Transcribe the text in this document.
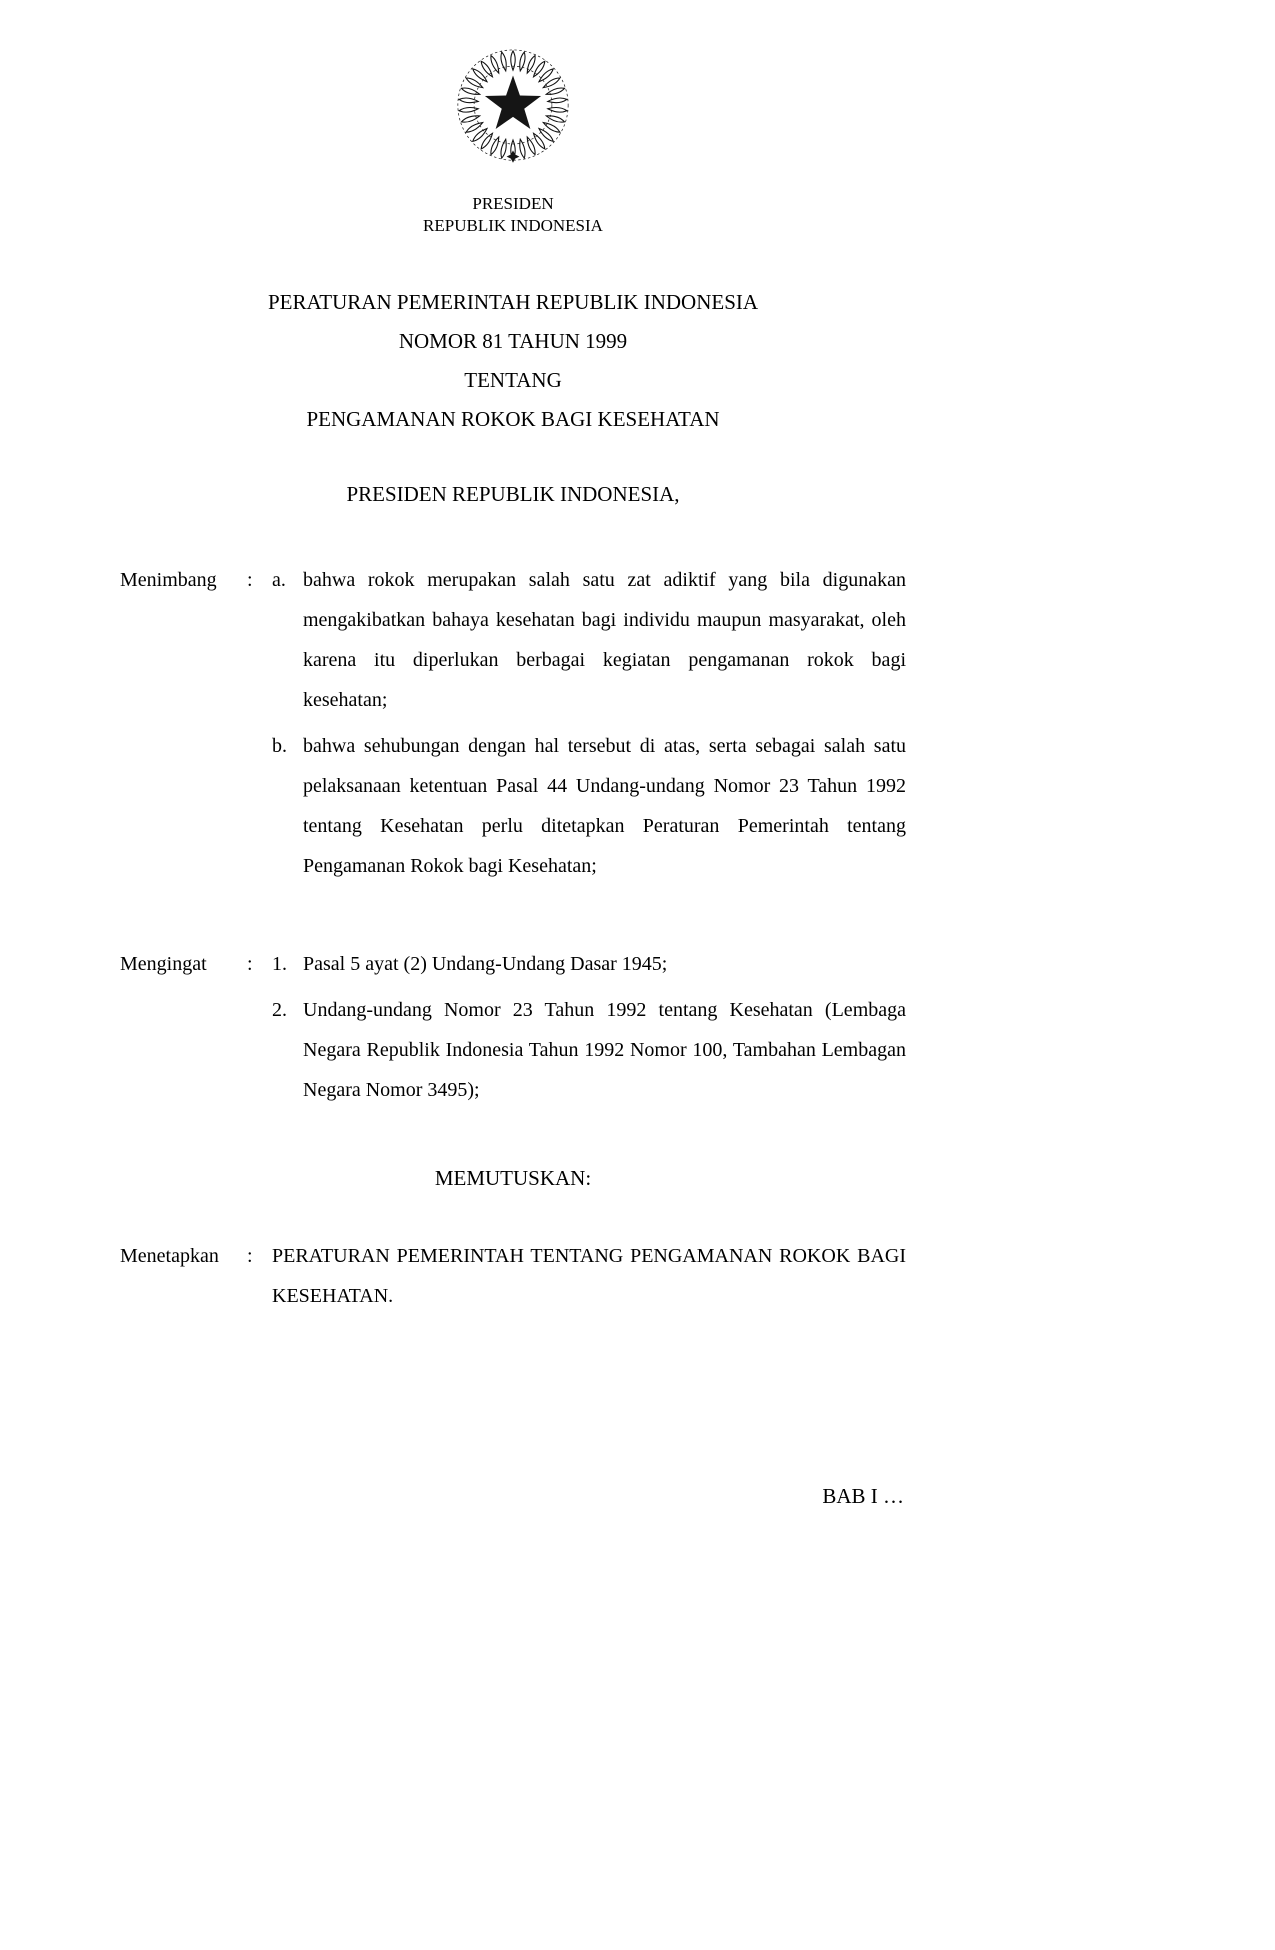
PRESIDEN
REPUBLIK INDONESIA
PERATURAN PEMERINTAH REPUBLIK INDONESIA
NOMOR 81 TAHUN 1999
TENTANG
PENGAMANAN ROKOK BAGI KESEHATAN
PRESIDEN REPUBLIK INDONESIA,
Menimbang	: a. bahwa rokok merupakan salah satu zat adiktif yang bila digunakan mengakibatkan bahaya kesehatan bagi individu maupun masyarakat, oleh karena itu diperlukan berbagai kegiatan pengamanan rokok bagi kesehatan;
b. bahwa sehubungan dengan hal tersebut di atas, serta sebagai salah satu pelaksanaan ketentuan Pasal 44 Undang-undang Nomor 23 Tahun 1992 tentang Kesehatan perlu ditetapkan Peraturan Pemerintah tentang Pengamanan Rokok bagi Kesehatan;
Mengingat	: 1. Pasal 5 ayat (2) Undang-Undang Dasar 1945;
2. Undang-undang Nomor 23 Tahun 1992 tentang Kesehatan (Lembaga Negara Republik Indonesia Tahun 1992 Nomor 100, Tambahan Lembagan Negara Nomor 3495);
MEMUTUSKAN:
Menetapkan	: PERATURAN PEMERINTAH TENTANG PENGAMANAN ROKOK BAGI KESEHATAN.
BAB I …
